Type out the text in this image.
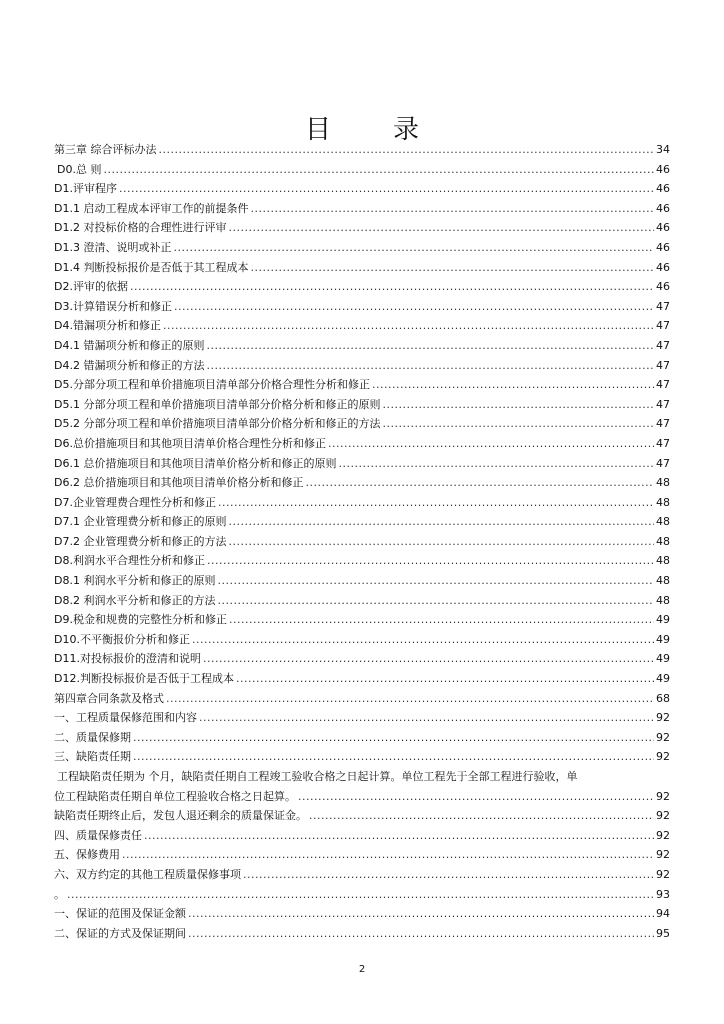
目　录
第三章 综合评标办法 .....	34
D0.总 则 .....	46
D1.评审程序 .....	46
D1.1 启动工程成本评审工作的前提条件 .....	46
D1.2 对投标价格的合理性进行评审 .....	46
D1.3 澄清、说明或补正 .....	46
D1.4 判断投标报价是否低于其工程成本 .....	46
D2.评审的依据 .....	46
D3.计算错误分析和修正 .....	47
D4.错漏项分析和修正 .....	47
D4.1 错漏项分析和修正的原则 .....	47
D4.2 错漏项分析和修正的方法 .....	47
D5.分部分项工程和单价措施项目清单部分价格合理性分析和修正 .....	47
D5.1 分部分项工程和单价措施项目清单部分价格分析和修正的原则 .....	47
D5.2 分部分项工程和单价措施项目清单部分价格分析和修正的方法 .....	47
D6.总价措施项目和其他项目清单价格合理性分析和修正 .....	47
D6.1 总价措施项目和其他项目清单价格分析和修正的原则 .....	47
D6.2 总价措施项目和其他项目清单价格分析和修正 .....	48
D7.企业管理费合理性分析和修正 .....	48
D7.1 企业管理费分析和修正的原则 .....	48
D7.2 企业管理费分析和修正的方法 .....	48
D8.利润水平合理性分析和修正 .....	48
D8.1 利润水平分析和修正的原则 .....	48
D8.2 利润水平分析和修正的方法 .....	48
D9.税金和规费的完整性分析和修正 .....	49
D10.不平衡报价分析和修正 .....	49
D11.对投标报价的澄清和说明 .....	49
D12.判断投标报价是否低于工程成本 .....	49
第四章合同条款及格式 .....	68
一、工程质量保修范围和内容 .....	92
二、质量保修期 .....	92
三、缺陷责任期 .....	92
工程缺陷责任期为 个月，缺陷责任期自工程竣工验收合格之日起计算。单位工程先于全部工程进行验收，单
位工程缺陷责任期自单位工程验收合格之日起算。 .....	92
缺陷责任期终止后，发包人退还剩余的质量保证金。 .....	92
四、质量保修责任 .....	92
五、保修费用 .....	92
六、双方约定的其他工程质量保修事项 .....	92
。 .....	93
一、保证的范围及保证金额 .....	94
二、保证的方式及保证期间 .....	95
2
